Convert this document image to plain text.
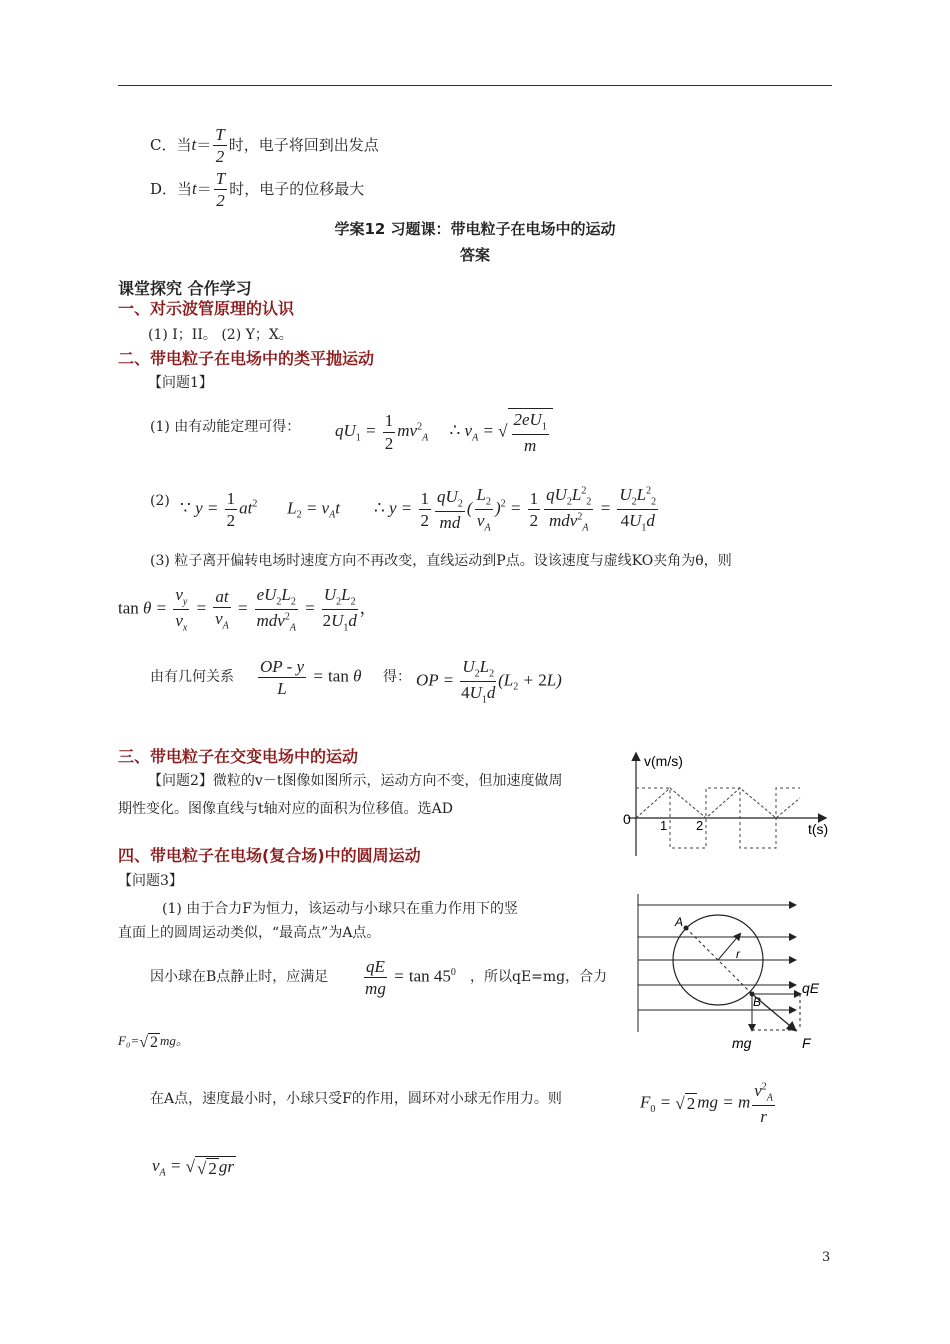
C．当$t= \frac{T}{2}$ 时，电子将回到出发点
D．当$t= \frac{T}{2}$ 时，电子的位移最大
学案12 习题课：带电粒子在电场中的运动
答案
课堂探究 合作学习
一、对示波管原理的认识
(1) I；II。 (2) Y；X。
二、带电粒子在电场中的类平抛运动
【问题1】
(1) 由有动能定理可得： $qU_1 = \frac{1}{2} mv^2_A$ ∴ $v_A$ = √ $\frac{2eU_1}{m}$
(2) ∵ $y = \frac{1}{2} at^2$       $L_2 = v_At$        ∴ $y = \frac{1}{2} \frac{qU_2}{md}$ ( $\frac{L_2}{v_A} )^2 = \frac{1}{2} \frac{qU_2L^2_2}{mdv^2_A} = \frac{U_2L^2_2}{4U_1d}$
(3) 粒子离开偏转电场时速度方向不再改变，直线运动到P点。设该速度与虚线KO夹角为θ，则
$\tan \theta = \frac{v_y}{v_x} = \frac{at}{v_A} = \frac{eU_2L_2}{mdv^2_A} = \frac{U_2L_2}{2U_1d}$ ，
由有几何关系 $\frac{OP - y}{L} = \tan \theta$ 得： OP = $\frac{U_2L_2}{4U_1d} (L_2 + 2L)$
三、带电粒子在交变电场中的运动
【问题2】微粒的v－t图像如图所示，运动方向不变，但加速度做周
期性变化。图像直线与t轴对应的面积为位移值。选AD
v(m/s)
t(s)
0 1 2
四、带电粒子在电场(复合场)中的圆周运动
【问题3】
(1) 由于合力F为恒力，该运动与小球只在重力作用下的竖
直面上的圆周运动类似，“最高点”为A点。
因小球在B点静止时，应满足 $\frac{qE}{mg} = \tan 45^0$ ，所以qE=mg，合力
F₀=√ 2 mg。
在A点，速度最小时，小球只受F的作用，圆环对小球无作用力。则	$F_0$ = √ 2 mg = m $\frac{v^2_A}{r}$
$v_A$ = √ √ 2 gr
A
B
r
qE
mg	F
3
